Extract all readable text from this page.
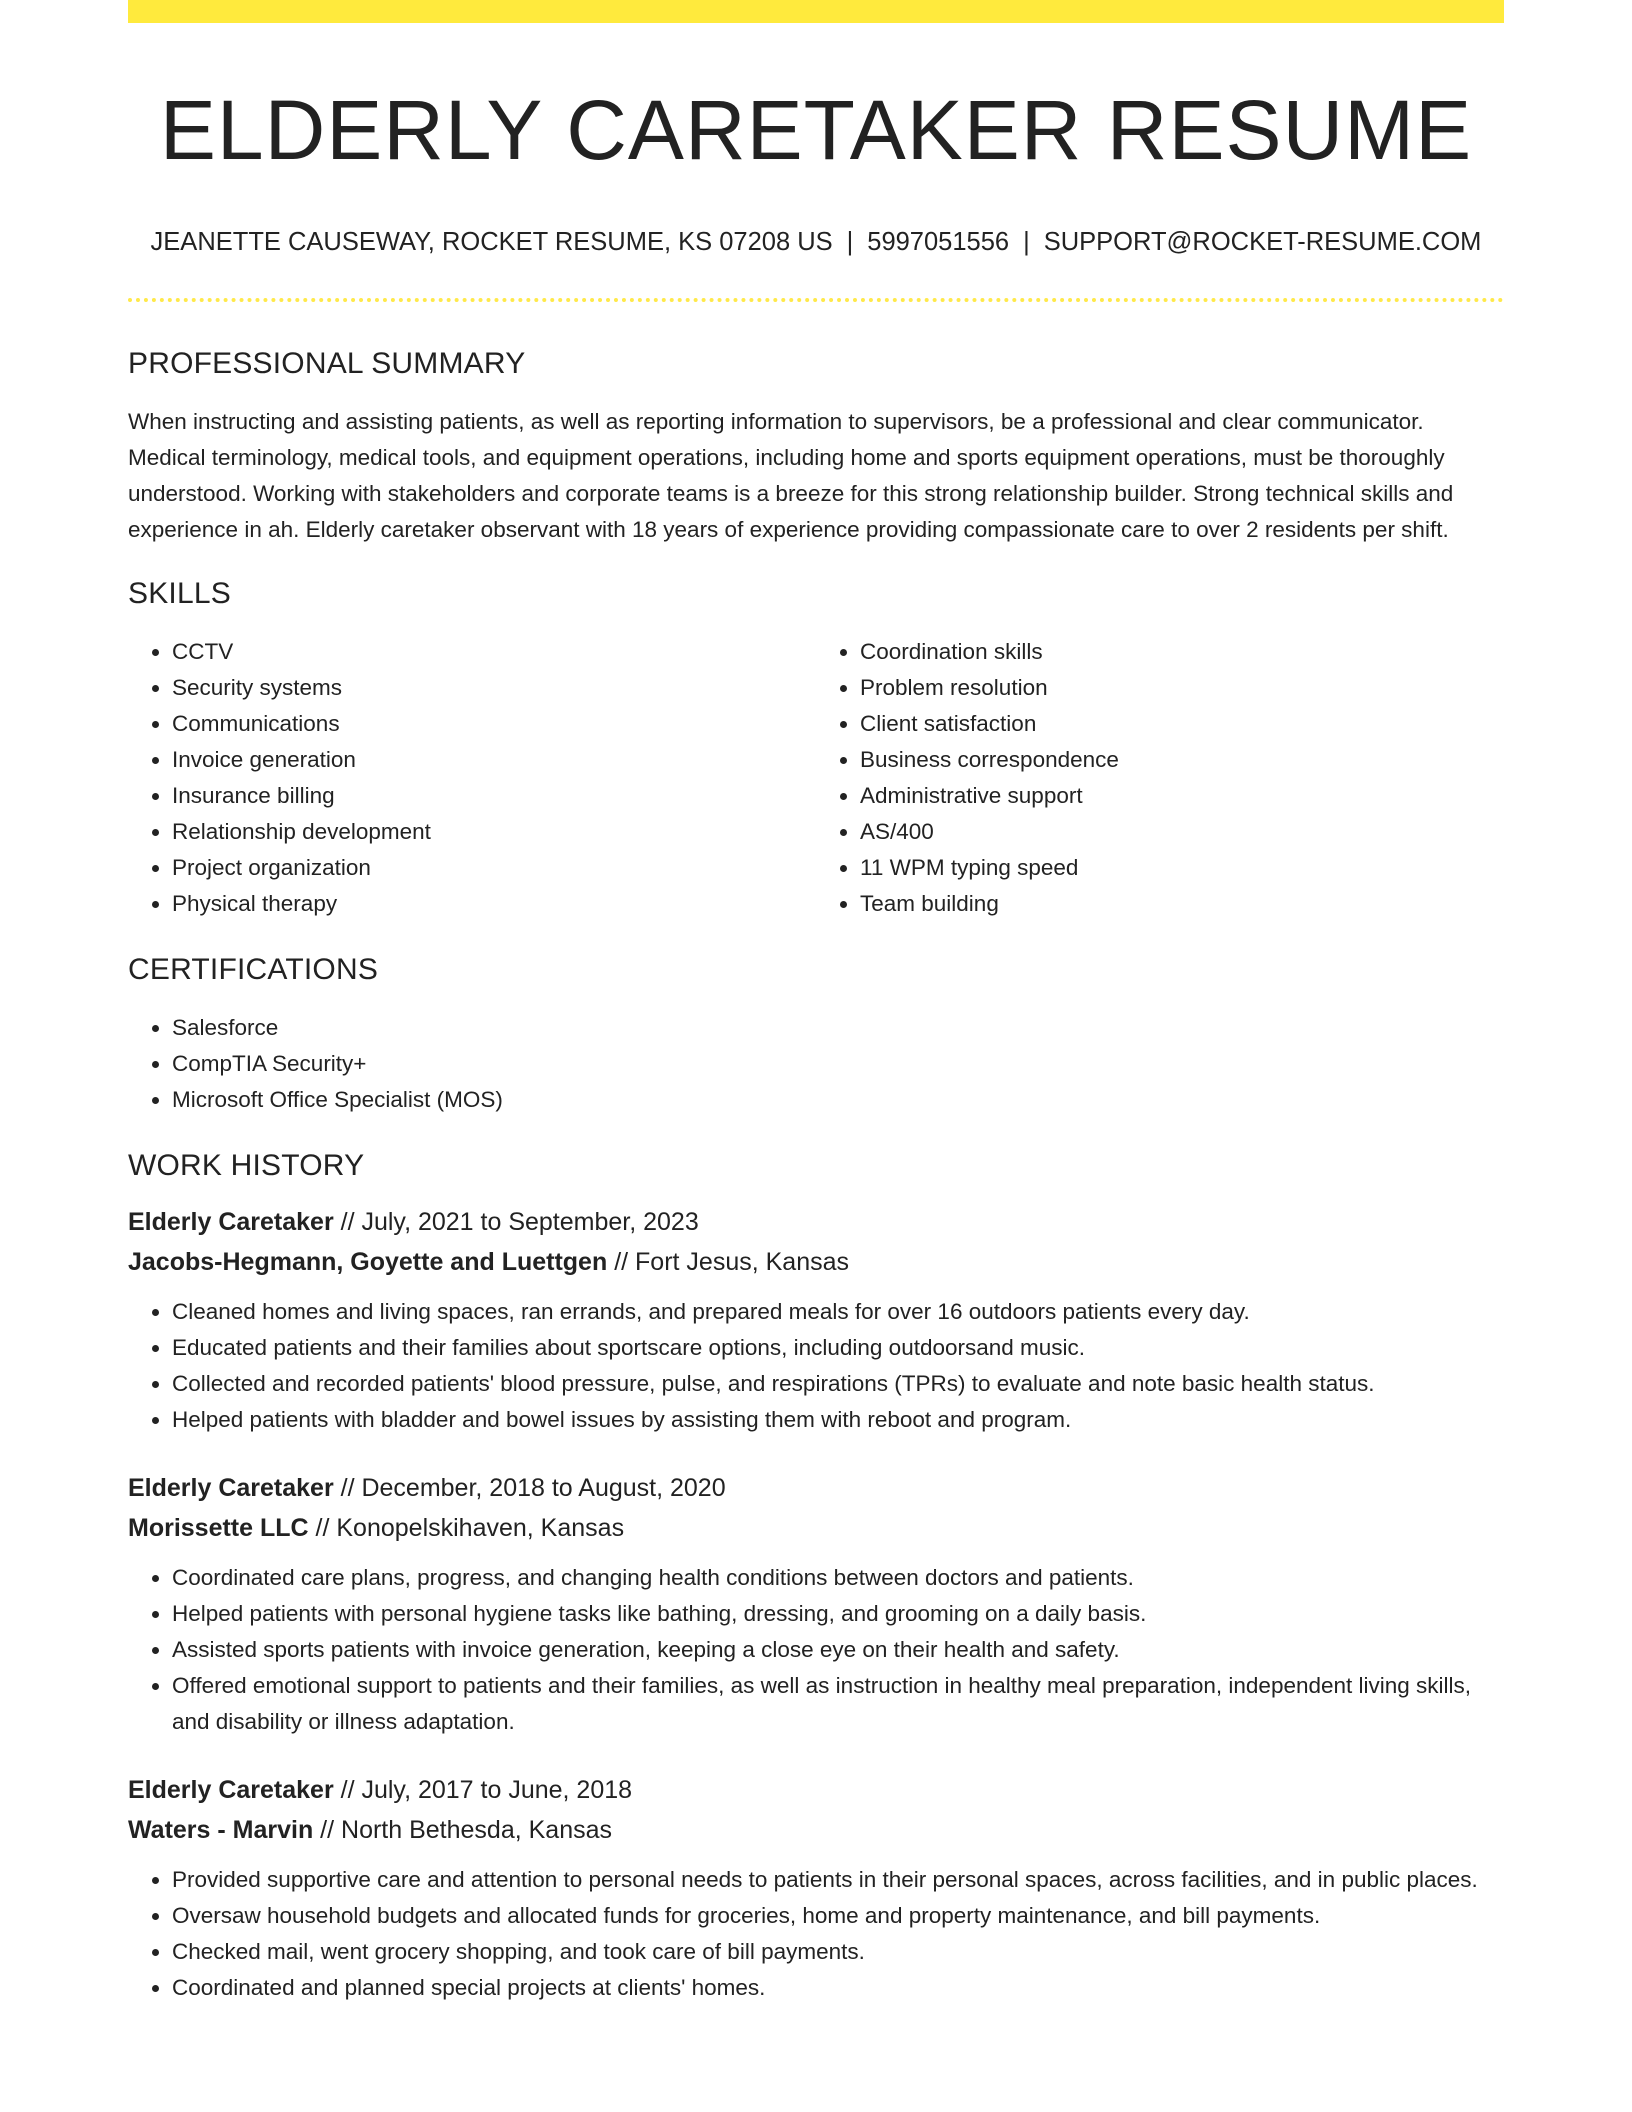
ELDERLY CARETAKER RESUME
JEANETTE CAUSEWAY, ROCKET RESUME, KS 07208 US | 5997051556 | SUPPORT@ROCKET-RESUME.COM
PROFESSIONAL SUMMARY
When instructing and assisting patients, as well as reporting information to supervisors, be a professional and clear communicator. Medical terminology, medical tools, and equipment operations, including home and sports equipment operations, must be thoroughly understood. Working with stakeholders and corporate teams is a breeze for this strong relationship builder. Strong technical skills and experience in ah. Elderly caretaker observant with 18 years of experience providing compassionate care to over 2 residents per shift.
SKILLS
• CCTV
• Security systems
• Communications
• Invoice generation
• Insurance billing
• Relationship development
• Project organization
• Physical therapy
• Coordination skills
• Problem resolution
• Client satisfaction
• Business correspondence
• Administrative support
• AS/400
• 11 WPM typing speed
• Team building
CERTIFICATIONS
• Salesforce
• CompTIA Security+
• Microsoft Office Specialist (MOS)
WORK HISTORY
Elderly Caretaker // July, 2021 to September, 2023
Jacobs-Hegmann, Goyette and Luettgen // Fort Jesus, Kansas
• Cleaned homes and living spaces, ran errands, and prepared meals for over 16 outdoors patients every day.
• Educated patients and their families about sportscare options, including outdoorsand music.
• Collected and recorded patients' blood pressure, pulse, and respirations (TPRs) to evaluate and note basic health status.
• Helped patients with bladder and bowel issues by assisting them with reboot and program.
Elderly Caretaker // December, 2018 to August, 2020
Morissette LLC // Konopelskihaven, Kansas
• Coordinated care plans, progress, and changing health conditions between doctors and patients.
• Helped patients with personal hygiene tasks like bathing, dressing, and grooming on a daily basis.
• Assisted sports patients with invoice generation, keeping a close eye on their health and safety.
• Offered emotional support to patients and their families, as well as instruction in healthy meal preparation, independent living skills, and disability or illness adaptation.
Elderly Caretaker // July, 2017 to June, 2018
Waters - Marvin // North Bethesda, Kansas
• Provided supportive care and attention to personal needs to patients in their personal spaces, across facilities, and in public places.
• Oversaw household budgets and allocated funds for groceries, home and property maintenance, and bill payments.
• Checked mail, went grocery shopping, and took care of bill payments.
• Coordinated and planned special projects at clients' homes.
